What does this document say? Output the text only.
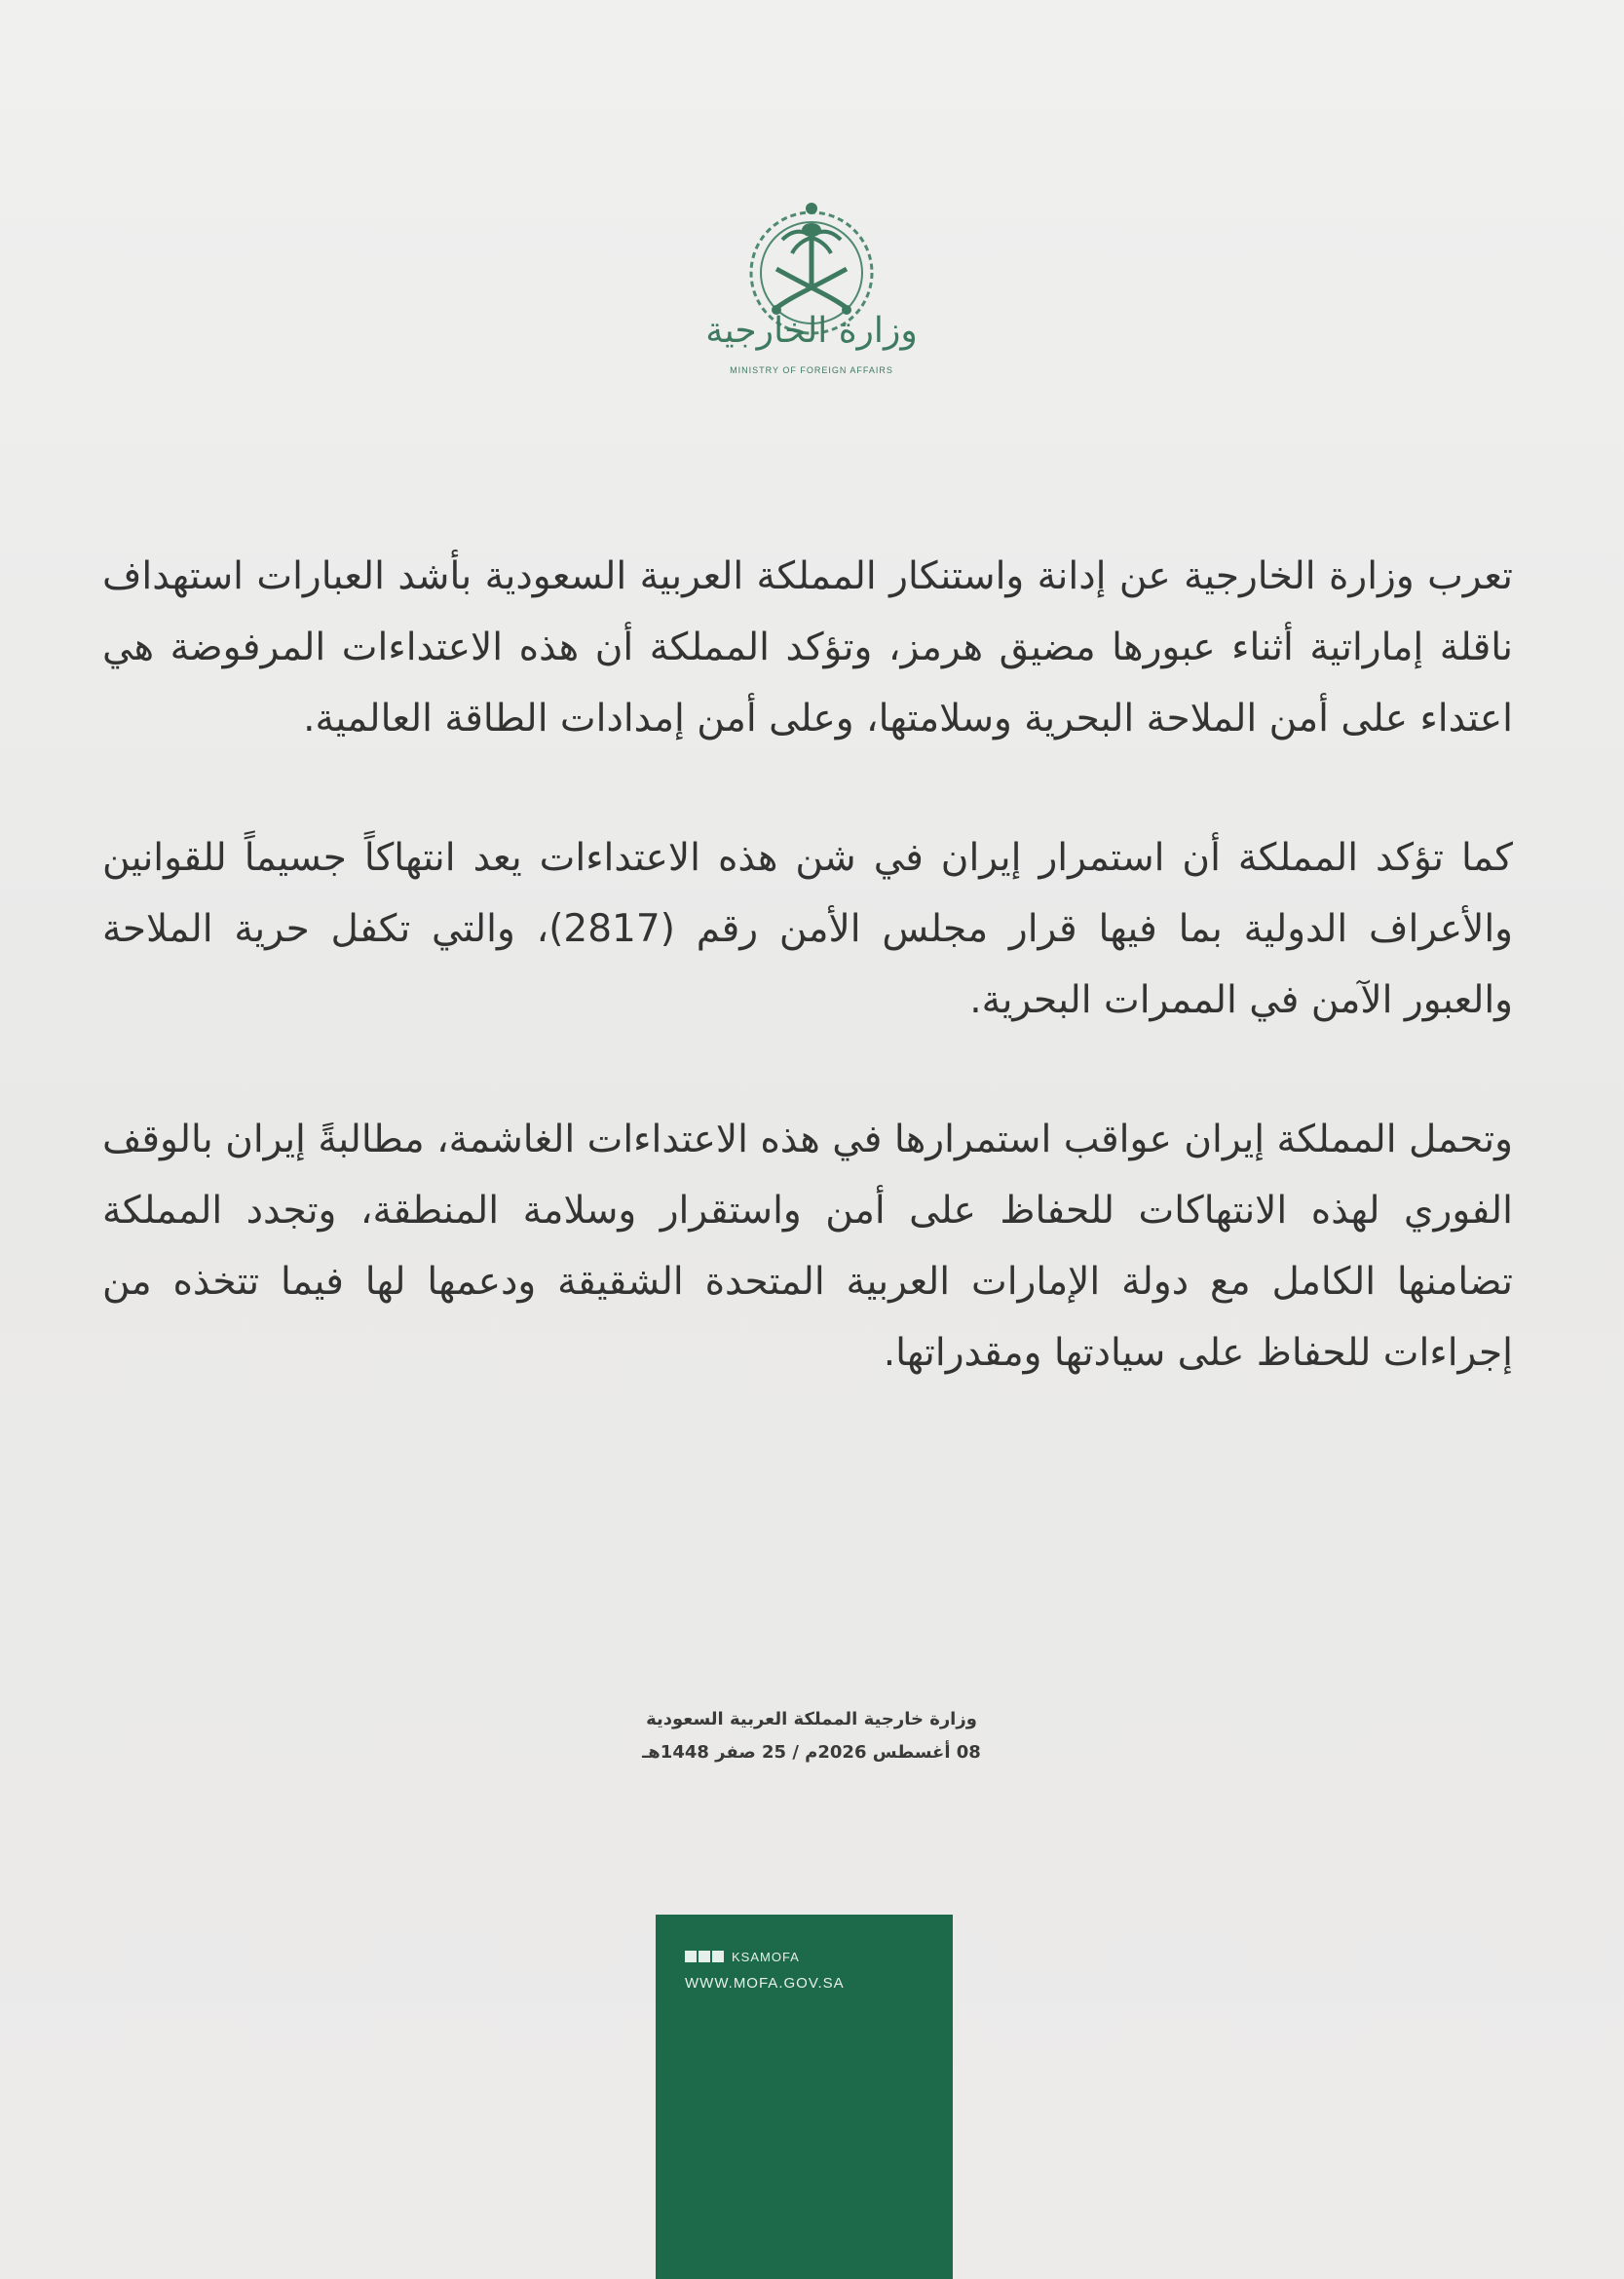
وزارة الخارجية
MINISTRY OF FOREIGN AFFAIRS

تعرب وزارة الخارجية عن إدانة واستنكار المملكة العربية السعودية بأشد العبارات استهداف ناقلة إماراتية أثناء عبورها مضيق هرمز، وتؤكد المملكة أن هذه الاعتداءات المرفوضة هي اعتداء على أمن الملاحة البحرية وسلامتها، وعلى أمن إمدادات الطاقة العالمية.

كما تؤكد المملكة أن استمرار إيران في شن هذه الاعتداءات يعد انتهاكاً جسيماً للقوانين والأعراف الدولية بما فيها قرار مجلس الأمن رقم (2817)، والتي تكفل حرية الملاحة والعبور الآمن في الممرات البحرية.

وتحمل المملكة إيران عواقب استمرارها في هذه الاعتداءات الغاشمة، مطالبةً إيران بالوقف الفوري لهذه الانتهاكات للحفاظ على أمن واستقرار وسلامة المنطقة، وتجدد المملكة تضامنها الكامل مع دولة الإمارات العربية المتحدة الشقيقة ودعمها لها فيما تتخذه من إجراءات للحفاظ على سيادتها ومقدراتها.

وزارة خارجية المملكة العربية السعودية
08 أغسطس 2026م / 25 صفر 1448هـ
KSAMOFA
WWW.MOFA.GOV.SA
